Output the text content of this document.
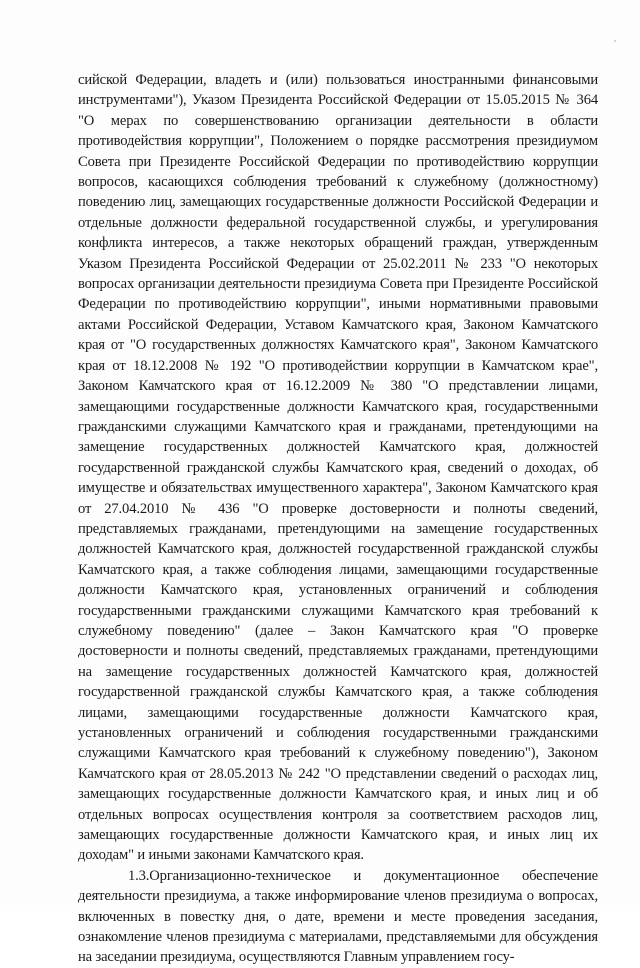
сийской Федерации, владеть и (или) пользоваться иностранными финансовыми инструментами"), Указом Президента Российской Федерации от 15.05.2015 № 364 "О мерах по совершенствованию организации деятельности в области противодействия коррупции", Положением о порядке рассмотрения президиумом Совета при Президенте Российской Федерации по противодействию коррупции вопросов, касающихся соблюдения требований к служебному (должностному) поведению лиц, замещающих государственные должности Российской Федерации и отдельные должности федеральной государственной службы, и урегулирования конфликта интересов, а также некоторых обращений граждан, утвержденным Указом Президента Российской Федерации от 25.02.2011 № 233 "О некоторых вопросах организации деятельности президиума Совета при Президенте Российской Федерации по противодействию коррупции", иными нормативными правовыми актами Российской Федерации, Уставом Камчатского края, Законом Камчатского края от "О государственных должностях Камчатского края", Законом Камчатского края от 18.12.2008 № 192 "О противодействии коррупции в Камчатском крае", Законом Камчатского края от 16.12.2009 № 380 "О представлении лицами, замещающими государственные должности Камчатского края, государственными гражданскими служащими Камчатского края и гражданами, претендующими на замещение государственных должностей Камчатского края, должностей государственной гражданской службы Камчатского края, сведений о доходах, об имуществе и обязательствах имущественного характера", Законом Камчатского края от 27.04.2010 № 436 "О проверке достоверности и полноты сведений, представляемых гражданами, претендующими на замещение государственных должностей Камчатского края, должностей государственной гражданской службы Камчатского края, а также соблюдения лицами, замещающими государственные должности Камчатского края, установленных ограничений и соблюдения государственными гражданскими служащими Камчатского края требований к служебному поведению" (далее – Закон Камчатского края "О проверке достоверности и полноты сведений, представляемых гражданами, претендующими на замещение государственных должностей Камчатского края, должностей государственной гражданской службы Камчатского края, а также соблюдения лицами, замещающими государственные должности Камчатского края, установленных ограничений и соблюдения государственными гражданскими служащими Камчатского края требований к служебному поведению"), Законом Камчатского края от 28.05.2013 № 242 "О представлении сведений о расходах лиц, замещающих государственные должности Камчатского края, и иных лиц и об отдельных вопросах осуществления контроля за соответствием расходов лиц, замещающих государственные должности Камчатского края, и иных лиц их доходам" и иными законами Камчатского края.

1.3.Организационно-техническое и документационное обеспечение деятельности президиума, а также информирование членов президиума о вопросах, включенных в повестку дня, о дате, времени и месте проведения заседания, ознакомление членов президиума с материалами, представляемыми для обсуждения на заседании президиума, осуществляются Главным управлением госу-
